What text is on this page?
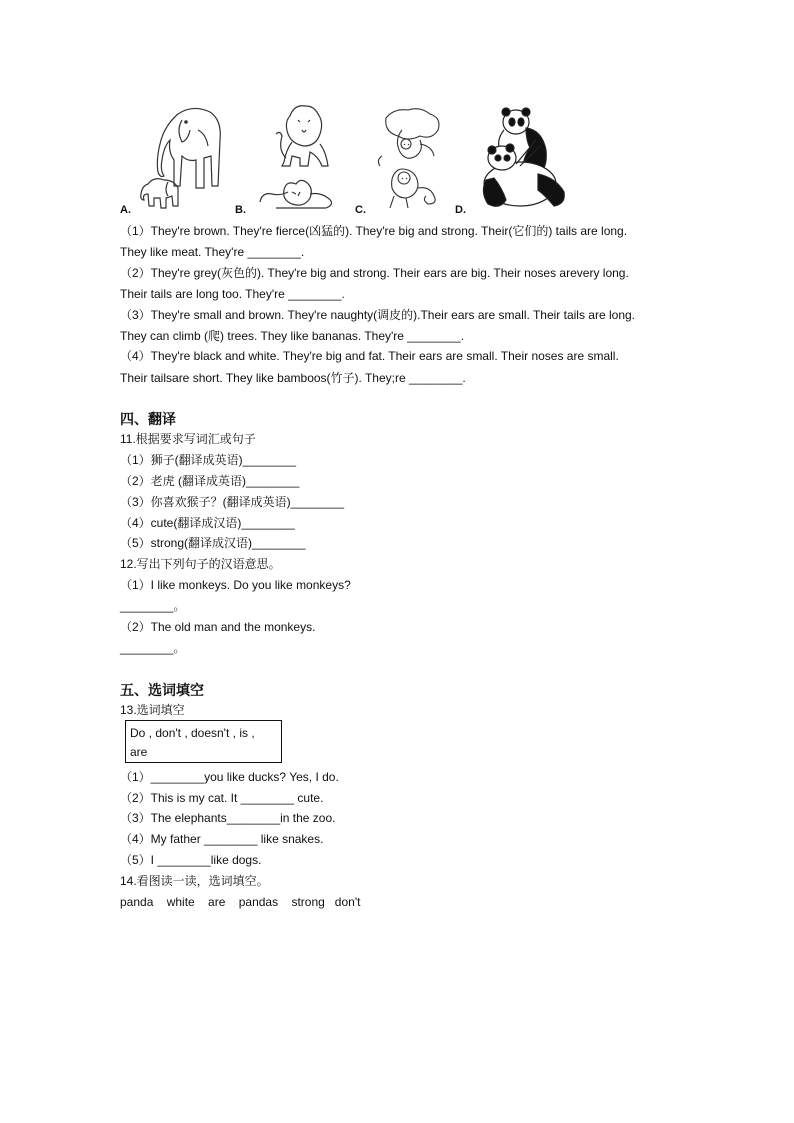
A.	B.	C.	D.
（1）They're brown. They're fierce(凶猛的). They're big and strong. Their(它们的) tails are long.
They like meat. They're ________.
（2）They're grey(灰色的). They're big and strong. Their ears are big. Their noses arevery long.
Their tails are long too. They're ________.
（3）They're small and brown. They're naughty(调皮的).Their ears are small. Their tails are long.
They can climb (爬) trees. They like bananas. They're ________.
（4）They're black and white. They're big and fat. Their ears are small. Their noses are small.
Their tailsare short. They like bamboos(竹子). They;re ________.
四、翻译
11.根据要求写词汇或句子
（1）狮子(翻译成英语)________
（2）老虎 (翻译成英语)________
（3）你喜欢猴子？(翻译成英语)________
（4）cute(翻译成汉语)________
（5）strong(翻译成汉语)________
12.写出下列句子的汉语意思。
（1）I like monkeys. Do you like monkeys?
________。
（2）The old man and the monkeys.
________。
五、选词填空
13.选词填空
Do , don't , doesn't , is ,
are
（1）________you like ducks? Yes, I do.
（2）This is my cat. It ________ cute.
（3）The elephants________in the zoo.
（4）My father ________ like snakes.
（5）I ________like dogs.
14.看图读一读，选词填空。
panda    white    are    pandas    strong   don't
